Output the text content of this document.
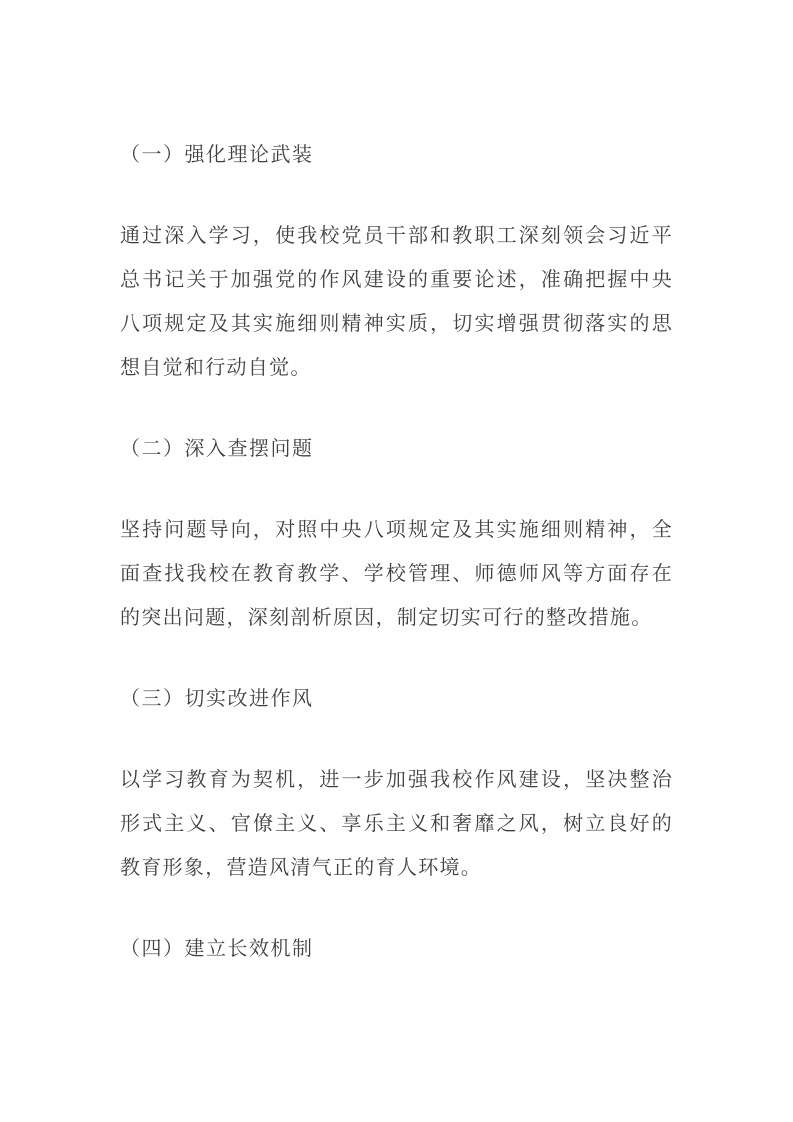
（一）强化理论武装

通过深入学习，使我校党员干部和教职工深刻领会习近平总书记关于加强党的作风建设的重要论述，准确把握中央八项规定及其实施细则精神实质，切实增强贯彻落实的思想自觉和行动自觉。

（二）深入查摆问题

坚持问题导向，对照中央八项规定及其实施细则精神，全面查找我校在教育教学、学校管理、师德师风等方面存在的突出问题，深刻剖析原因，制定切实可行的整改措施。

（三）切实改进作风

以学习教育为契机，进一步加强我校作风建设，坚决整治形式主义、官僚主义、享乐主义和奢靡之风，树立良好的教育形象，营造风清气正的育人环境。

（四）建立长效机制
